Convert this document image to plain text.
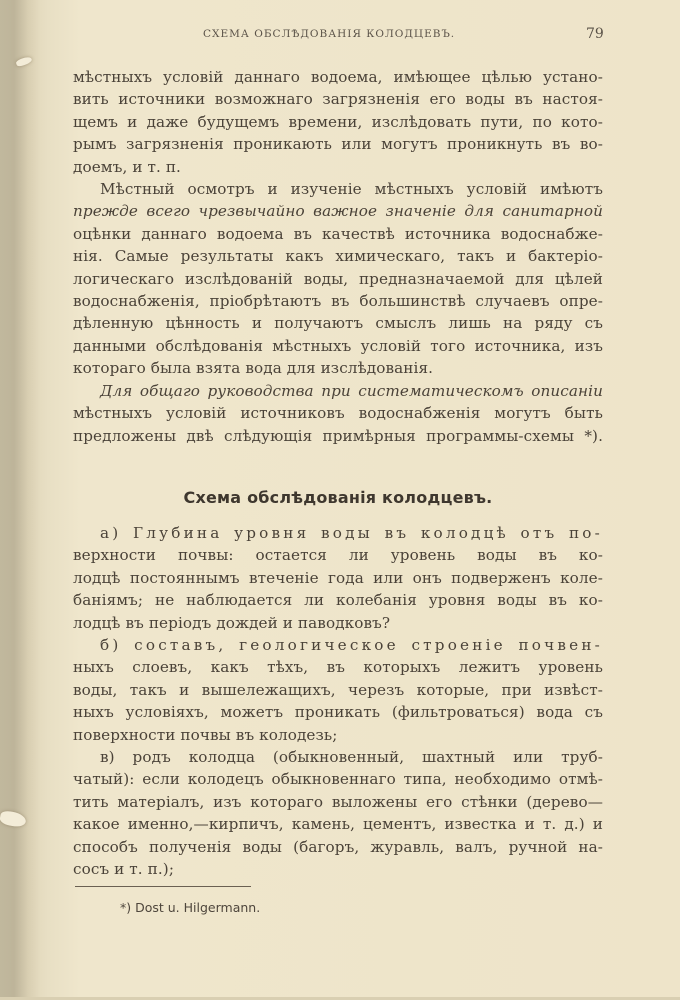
СХЕМА ОБСЛѢДОВАНІЯ КОЛОДЦЕВЪ.	79

мѣстныхъ условій даннаго водоема, имѣющее цѣлью устано-
вить источники возможнаго загрязненія его воды въ настоя-
щемъ и даже будущемъ времени, изслѣдовать пути, по кото-
рымъ загрязненія проникають или могутъ проникнуть въ во-
доемъ, и т. п.

Мѣстный осмотръ и изученіе мѣстныхъ условій имѣютъ
прежде всего чрезвычайно важное значеніе для санитарной
оцѣнки даннаго водоема въ качествѣ источника водоснабже-
нія. Самые результаты какъ химическаго, такъ и бактеріо-
логическаго изслѣдованій воды, предназначаемой для цѣлей
водоснабженія, пріобрѣтаютъ въ большинствѣ случаевъ опре-
дѣленную цѣнность и получаютъ смыслъ лишь на ряду съ
данными обслѣдованія мѣстныхъ условій того источника, изъ
котораго была взята вода для изслѣдованія.

Для общаго руководства при систематическомъ описаніи
мѣстныхъ условій источниковъ водоснабженія могутъ быть
предложены двѣ слѣдующія примѣрныя программы-схемы *).

Схема обслѣдованія колодцевъ.

а) Глубина уровня воды въ колодцѣ отъ по-
верхности почвы: остается ли уровень воды въ ко-
лодцѣ постояннымъ втеченіе года или онъ подверженъ коле-
баніямъ; не наблюдается ли колебанія уровня воды въ ко-
лодцѣ въ періодъ дождей и паводковъ?

б) составъ, геологическое строеніе почвен-
ныхъ слоевъ, какъ тѣхъ, въ которыхъ лежитъ уровень
воды, такъ и вышележащихъ, черезъ которые, при извѣст-
ныхъ условіяхъ, можетъ проникать (фильтроваться) вода съ
поверхности почвы въ колодезь;

в) родъ колодца (обыкновенный, шахтный или труб-
чатый): если колодецъ обыкновеннаго типа, необходимо отмѣ-
тить матеріалъ, изъ котораго выложены его стѣнки (дерево—
какое именно,—кирпичъ, камень, цементъ, известка и т. д.) и
способъ полученія воды (багоръ, журавль, валъ, ручной на-
сосъ и т. п.);

*) Dost u. Hilgermann.
